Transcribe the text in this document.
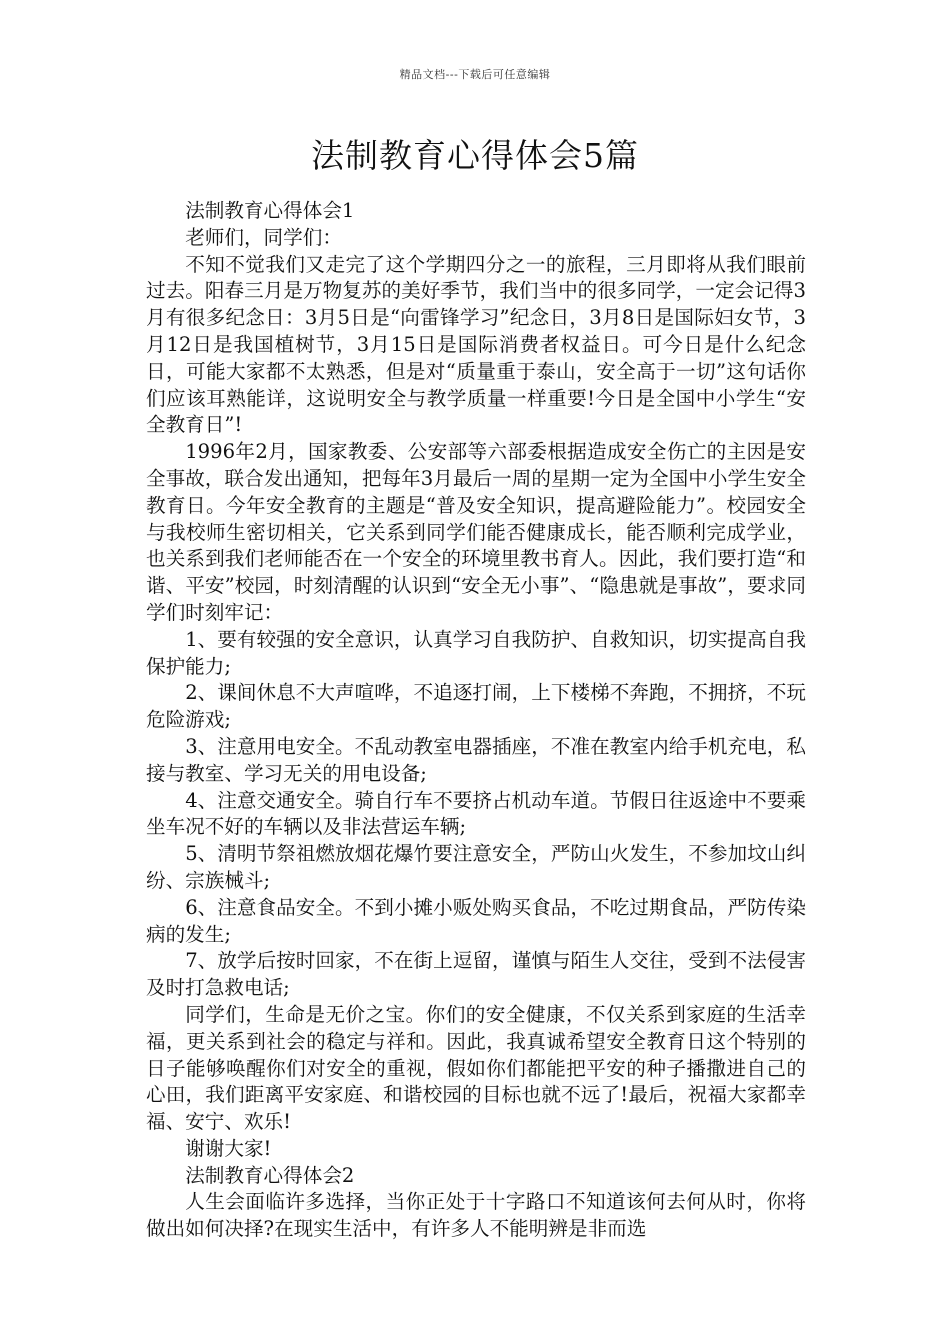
精品文档---下载后可任意编辑
法制教育心得体会5篇

法制教育心得体会1

老师们，同学们：

不知不觉我们又走完了这个学期四分之一的旅程，三月即将从我们眼前过去。阳春三月是万物复苏的美好季节，我们当中的很多同学，一定会记得3月有很多纪念日：3月5日是“向雷锋学习”纪念日，3月8日是国际妇女节，3月12日是我国植树节，3月15日是国际消费者权益日。可今日是什么纪念日，可能大家都不太熟悉，但是对“质量重于泰山，安全高于一切”这句话你们应该耳熟能详，这说明安全与教学质量一样重要!今日是全国中小学生“安全教育日”!

1996年2月，国家教委、公安部等六部委根据造成安全伤亡的主因是安全事故，联合发出通知，把每年3月最后一周的星期一定为全国中小学生安全教育日。今年安全教育的主题是“普及安全知识，提高避险能力”。校园安全与我校师生密切相关，它关系到同学们能否健康成长，能否顺利完成学业，也关系到我们老师能否在一个安全的环境里教书育人。因此，我们要打造“和谐、平安”校园，时刻清醒的认识到“安全无小事”、“隐患就是事故”，要求同学们时刻牢记：

1、要有较强的安全意识，认真学习自我防护、自救知识，切实提高自我保护能力;

2、课间休息不大声喧哗，不追逐打闹，上下楼梯不奔跑，不拥挤，不玩危险游戏;

3、注意用电安全。不乱动教室电器插座，不准在教室内给手机充电，私接与教室、学习无关的用电设备;

4、注意交通安全。骑自行车不要挤占机动车道。节假日往返途中不要乘坐车况不好的车辆以及非法营运车辆;

5、清明节祭祖燃放烟花爆竹要注意安全，严防山火发生，不参加坟山纠纷、宗族械斗;

6、注意食品安全。不到小摊小贩处购买食品，不吃过期食品，严防传染病的发生;

7、放学后按时回家，不在街上逗留，谨慎与陌生人交往，受到不法侵害及时打急救电话;

同学们，生命是无价之宝。你们的安全健康，不仅关系到家庭的生活幸福，更关系到社会的稳定与祥和。因此，我真诚希望安全教育日这个特别的日子能够唤醒你们对安全的重视，假如你们都能把平安的种子播撒进自己的心田，我们距离平安家庭、和谐校园的目标也就不远了!最后，祝福大家都幸福、安宁、欢乐!

谢谢大家!

法制教育心得体会2

人生会面临许多选择，当你正处于十字路口不知道该何去何从时，你将做出如何决择?在现实生活中，有许多人不能明辨是非而选
